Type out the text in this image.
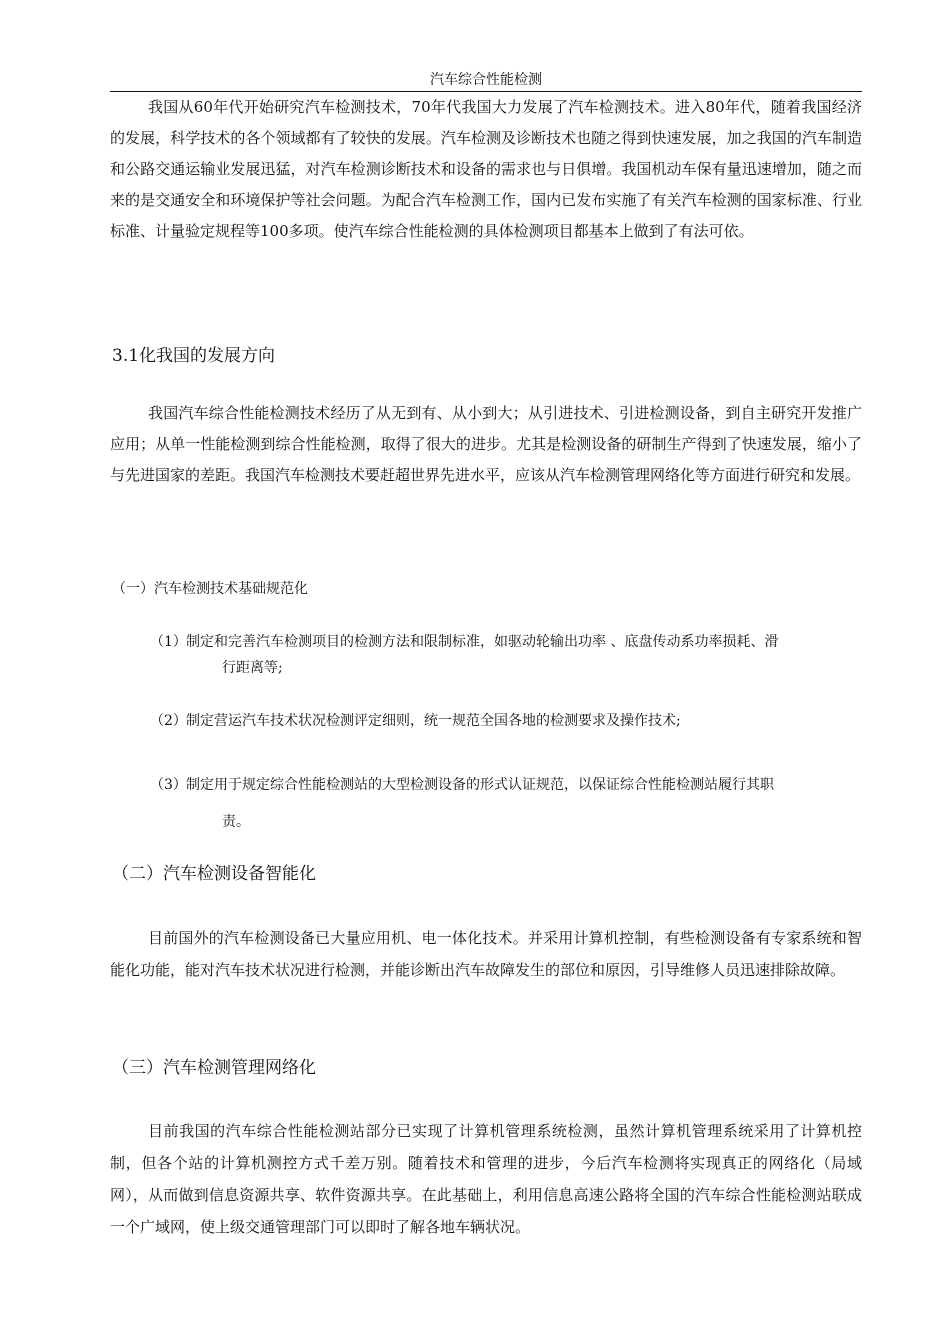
汽车综合性能检测

我国从60年代开始研究汽车检测技术，70年代我国大力发展了汽车检测技术。进入80年代，随着我国经济的发展，科学技术的各个领域都有了较快的发展。汽车检测及诊断技术也随之得到快速发展，加之我国的汽车制造和公路交通运输业发展迅猛，对汽车检测诊断技术和设备的需求也与日俱增。我国机动车保有量迅速增加，随之而来的是交通安全和环境保护等社会问题。为配合汽车检测工作，国内已发布实施了有关汽车检测的国家标准、行业标准、计量验定规程等100多项。使汽车综合性能检测的具体检测项目都基本上做到了有法可依。

3.1化我国的发展方向

我国汽车综合性能检测技术经历了从无到有、从小到大；从引进技术、引进检测设备，到自主研究开发推广应用；从单一性能检测到综合性能检测，取得了很大的进步。尤其是检测设备的研制生产得到了快速发展，缩小了与先进国家的差距。我国汽车检测技术要赶超世界先进水平，应该从汽车检测管理网络化等方面进行研究和发展。

（一）汽车检测技术基础规范化
（1）制定和完善汽车检测项目的检测方法和限制标准，如驱动轮输出功率 、底盘传动系功率损耗、滑
行距离等;
（2）制定营运汽车技术状况检测评定细则，统一规范全国各地的检测要求及操作技术;
（3）制定用于规定综合性能检测站的大型检测设备的形式认证规范，以保证综合性能检测站履行其职
责。
（二）汽车检测设备智能化

目前国外的汽车检测设备已大量应用机、电一体化技术。并采用计算机控制，有些检测设备有专家系统和智能化功能，能对汽车技术状况进行检测，并能诊断出汽车故障发生的部位和原因，引导维修人员迅速排除故障。

（三）汽车检测管理网络化

目前我国的汽车综合性能检测站部分已实现了计算机管理系统检测，虽然计算机管理系统采用了计算机控制，但各个站的计算机测控方式千差万别。随着技术和管理的进步，今后汽车检测将实现真正的网络化（局域网），从而做到信息资源共享、软件资源共享。在此基础上，利用信息高速公路将全国的汽车综合性能检测站联成一个广域网，使上级交通管理部门可以即时了解各地车辆状况。
